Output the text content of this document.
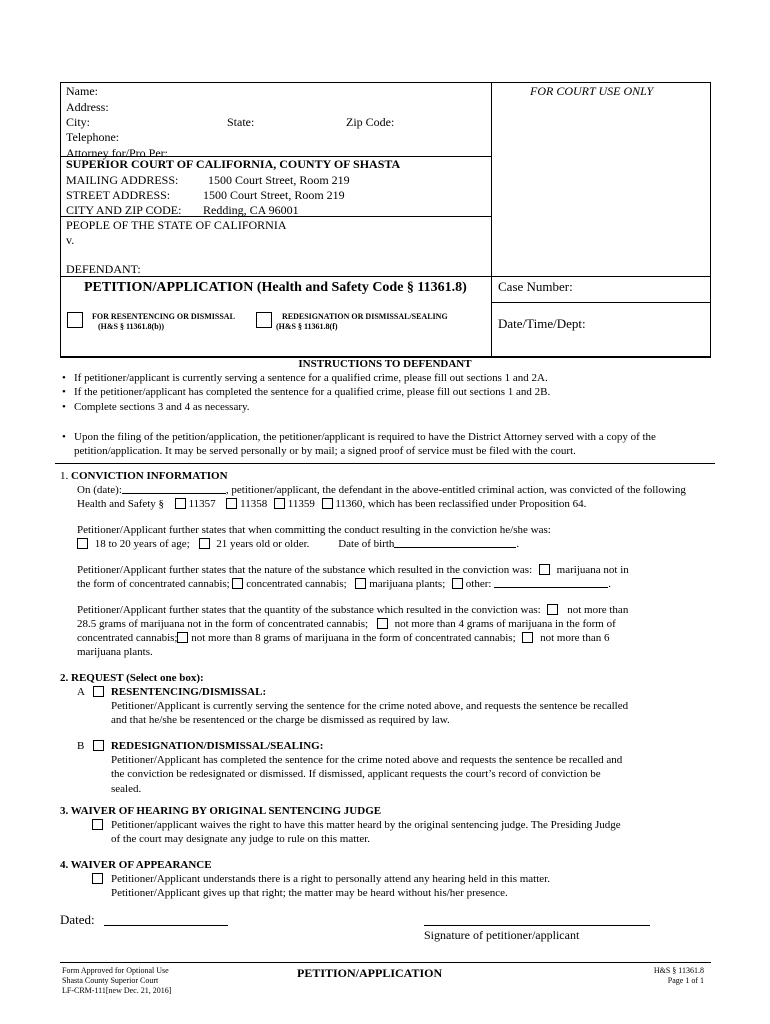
Name:
Address:
City:	State:	Zip Code:
Telephone:
Attorney for/Pro Per:
FOR COURT USE ONLY
SUPERIOR COURT OF CALIFORNIA, COUNTY OF SHASTA
MAILING ADDRESS: 1500 Court Street, Room 219
STREET ADDRESS:	1500 Court Street, Room 219
CITY AND ZIP CODE: Redding, CA 96001
PEOPLE OF THE STATE OF CALIFORNIA
v.
DEFENDANT:
PETITION/APPLICATION (Health and Safety Code § 11361.8) Case Number:
Date/Time/Dept:
FOR RESENTENCING OR DISMISSAL
(H&S § 11361.8(b))
REDESIGNATION OR DISMISSAL/SEALING
(H&S § 11361.8(f)
INSTRUCTIONS TO DEFENDANT
• If petitioner/applicant is currently serving a sentence for a qualified crime, please fill out sections 1 and 2A.
• If the petitioner/applicant has completed the sentence for a qualified crime, please fill out sections 1 and 2B.
• Complete sections 3 and 4 as necessary.
• Upon the filing of the petition/application, the petitioner/applicant is required to have the District Attorney served with a copy of the
petition/application. It may be served personally or by mail; a signed proof of service must be filed with the court.
1. CONVICTION INFORMATION
On (date):	, petitioner/applicant, the defendant in the above-entitled criminal action, was convicted of the following
Health and Safety § 11357 11358 11359 11360, which has been reclassified under Proposition 64.
Petitioner/Applicant further states that when committing the conduct resulting in the conviction he/she was:
18 to 20 years of age; 21 years old or older.	Date of birth	.
Petitioner/Applicant further states that the nature of the substance which resulted in the conviction was: marijuana not in
the form of concentrated cannabis; concentrated cannabis; marijuana plants; other:	.
Petitioner/Applicant further states that the quantity of the substance which resulted in the conviction was: not more than
28.5 grams of marijuana not in the form of concentrated cannabis; not more than 4 grams of marijuana in the form of
concentrated cannabis; not more than 8 grams of marijuana in the form of concentrated cannabis; not more than 6
marijuana plants.
2. REQUEST (Select one box):
A RESENTENCING/DISMISSAL:
Petitioner/Applicant is currently serving the sentence for the crime noted above, and requests the sentence be recalled
and that he/she be resentenced or the charge be dismissed as required by law.
B REDESIGNATION/DISMISSAL/SEALING:
Petitioner/Applicant has completed the sentence for the crime noted above and requests the sentence be recalled and
the conviction be redesignated or dismissed. If dismissed, applicant requests the court’s record of conviction be
sealed.
3. WAIVER OF HEARING BY ORIGINAL SENTENCING JUDGE
Petitioner/applicant waives the right to have this matter heard by the original sentencing judge. The Presiding Judge
of the court may designate any judge to rule on this matter.
4. WAIVER OF APPEARANCE
Petitioner/Applicant understands there is a right to personally attend any hearing held in this matter.
Petitioner/Applicant gives up that right; the matter may be heard without his/her presence.
Dated:
Signature of petitioner/applicant
Form Approved for Optional Use
Shasta County Superior Court
LF-CRM-111[new Dec. 21, 2016]
PETITION/APPLICATION	H&S § 11361.8
Page 1 of 1
